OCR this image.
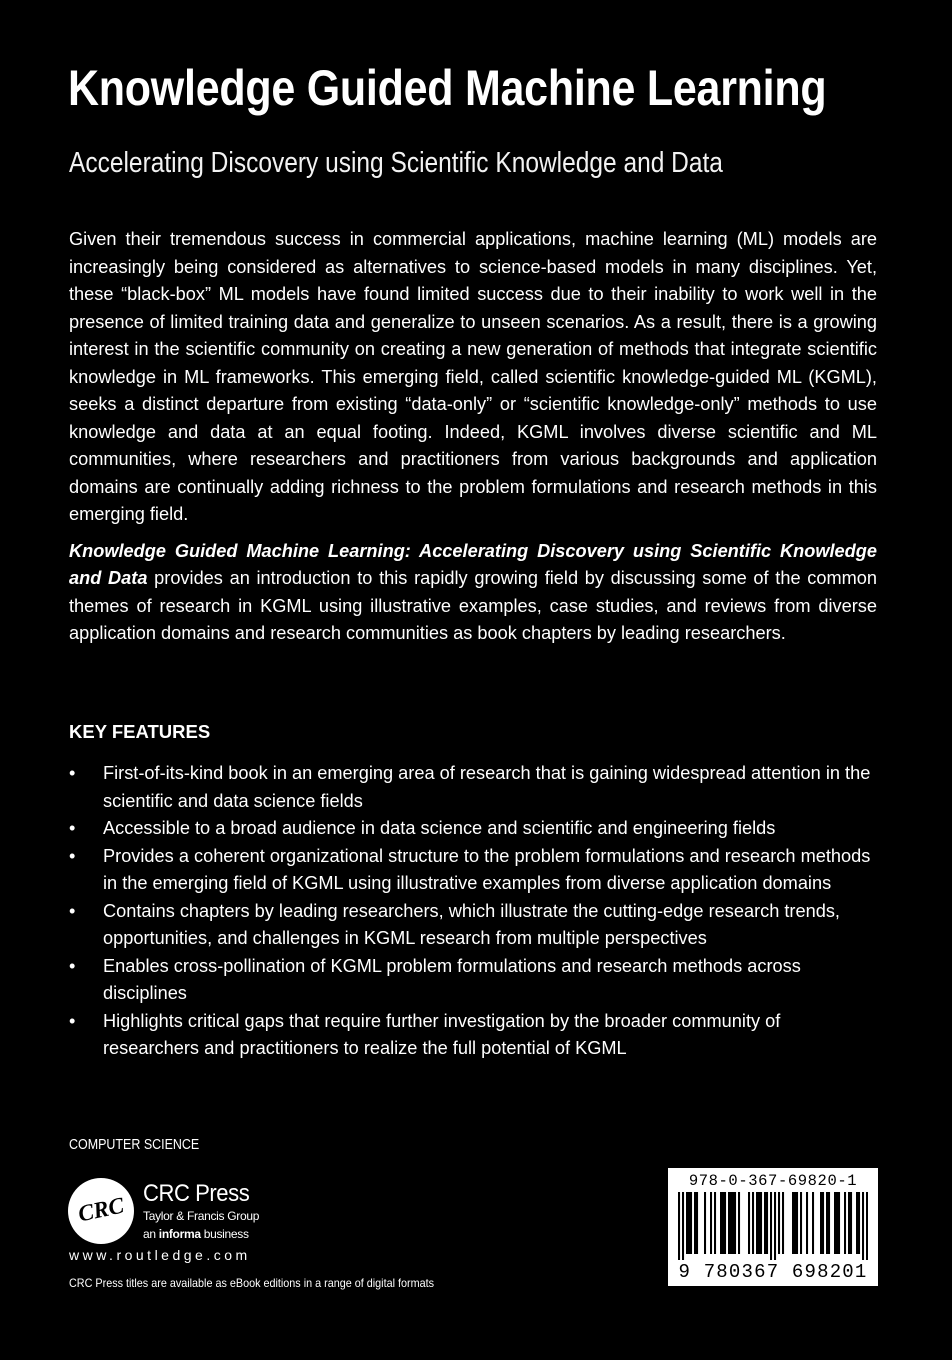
Knowledge Guided Machine Learning
Accelerating Discovery using Scientific Knowledge and Data

Given their tremendous success in commercial applications, machine learning (ML) models are increasingly being considered as alternatives to science-based models in many disciplines. Yet, these “black-box” ML models have found limited success due to their inability to work well in the presence of limited training data and generalize to unseen scenarios. As a result, there is a growing interest in the scientific community on creating a new generation of methods that integrate scientific knowledge in ML frameworks. This emerging field, called scientific knowledge-guided ML (KGML), seeks a distinct departure from existing “data-only” or “scientific knowledge-only” methods to use knowledge and data at an equal footing. Indeed, KGML involves diverse scientific and ML communities, where researchers and practitioners from various backgrounds and application domains are continually adding richness to the problem formulations and research methods in this emerging field.

Knowledge Guided Machine Learning: Accelerating Discovery using Scientific Knowledge and Data provides an introduction to this rapidly growing field by discussing some of the common themes of research in KGML using illustrative examples, case studies, and reviews from diverse application domains and research communities as book chapters by leading researchers.

KEY FEATURES
• First-of-its-kind book in an emerging area of research that is gaining widespread attention in the scientific and data science fields
• Accessible to a broad audience in data science and scientific and engineering fields
• Provides a coherent organizational structure to the problem formulations and research methods in the emerging field of KGML using illustrative examples from diverse application domains
• Contains chapters by leading researchers, which illustrate the cutting-edge research trends, opportunities, and challenges in KGML research from multiple perspectives
• Enables cross-pollination of KGML problem formulations and research methods across disciplines
• Highlights critical gaps that require further investigation by the broader community of researchers and practitioners to realize the full potential of KGML
COMPUTER SCIENCE
CRC CRC Press
Taylor & Francis Group
an informa business
www.routledge.com
CRC Press titles are available as eBook editions in a range of digital formats
978-0-367-69820-1
9 780367 698201
